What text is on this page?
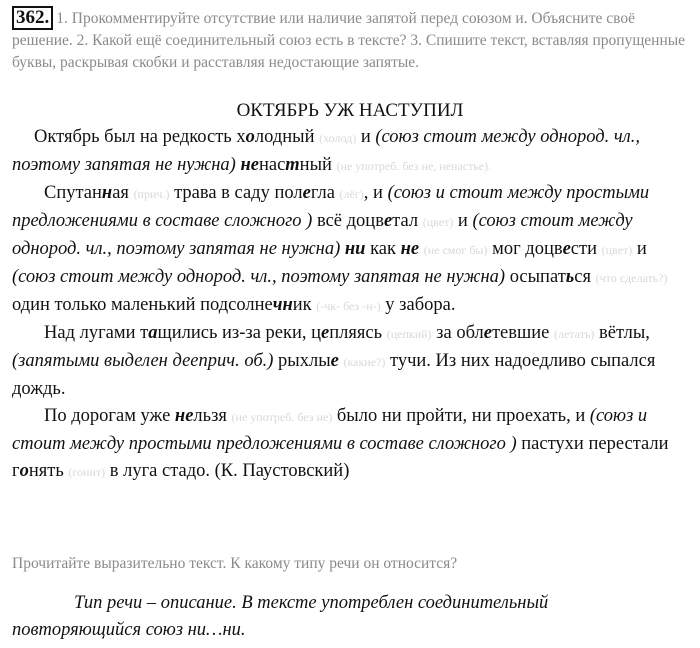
362. 1. Прокомментируйте отсутствие или наличие запятой перед союзом и. Объясните своё решение. 2. Какой ещё соединительный союз есть в тексте? 3. Спишите текст, вставляя пропущенные буквы, раскрывая скобки и расставляя недостающие запятые.
ОКТЯБРЬ УЖ НАСТУПИЛ

Октябрь был на редкость холодный (холод) и (союз стоит между однород. чл., поэтому запятая не нужна) ненастный (не употреб. без не, ненастье).

Спутанная (прич.) трава в саду полегла (лёг), и (союз и стоит между простыми предложениями в составе сложного ) всё доцветал (цвет) и (союз стоит между однород. чл., поэтому запятая не нужна) ни как не (не смог бы) мог доцвести (цвет) и (союз стоит между однород. чл., поэтому запятая не нужна) осыпаться (что сделать?) один только маленький подсолнечник (-чк- без -н-) у забора.

Над лугами тащились из-за реки, цепляясь (цепкий) за облетевшие (летать) вётлы, (запятыми выделен дееприч. об.) рыхлые (какие?) тучи. Из них надоедливо сыпался дождь.

По дорогам уже нельзя (не употреб. без не) было ни пройти, ни проехать, и (союз и стоит между простыми предложениями в составе сложного ) пастухи перестали гонять (гонит) в луга стадо. (К. Паустовский)

Прочитайте выразительно текст. К какому типу речи он относится?
Тип речи – описание. В тексте употреблен соединительный
повторяющийся союз ни…ни.
